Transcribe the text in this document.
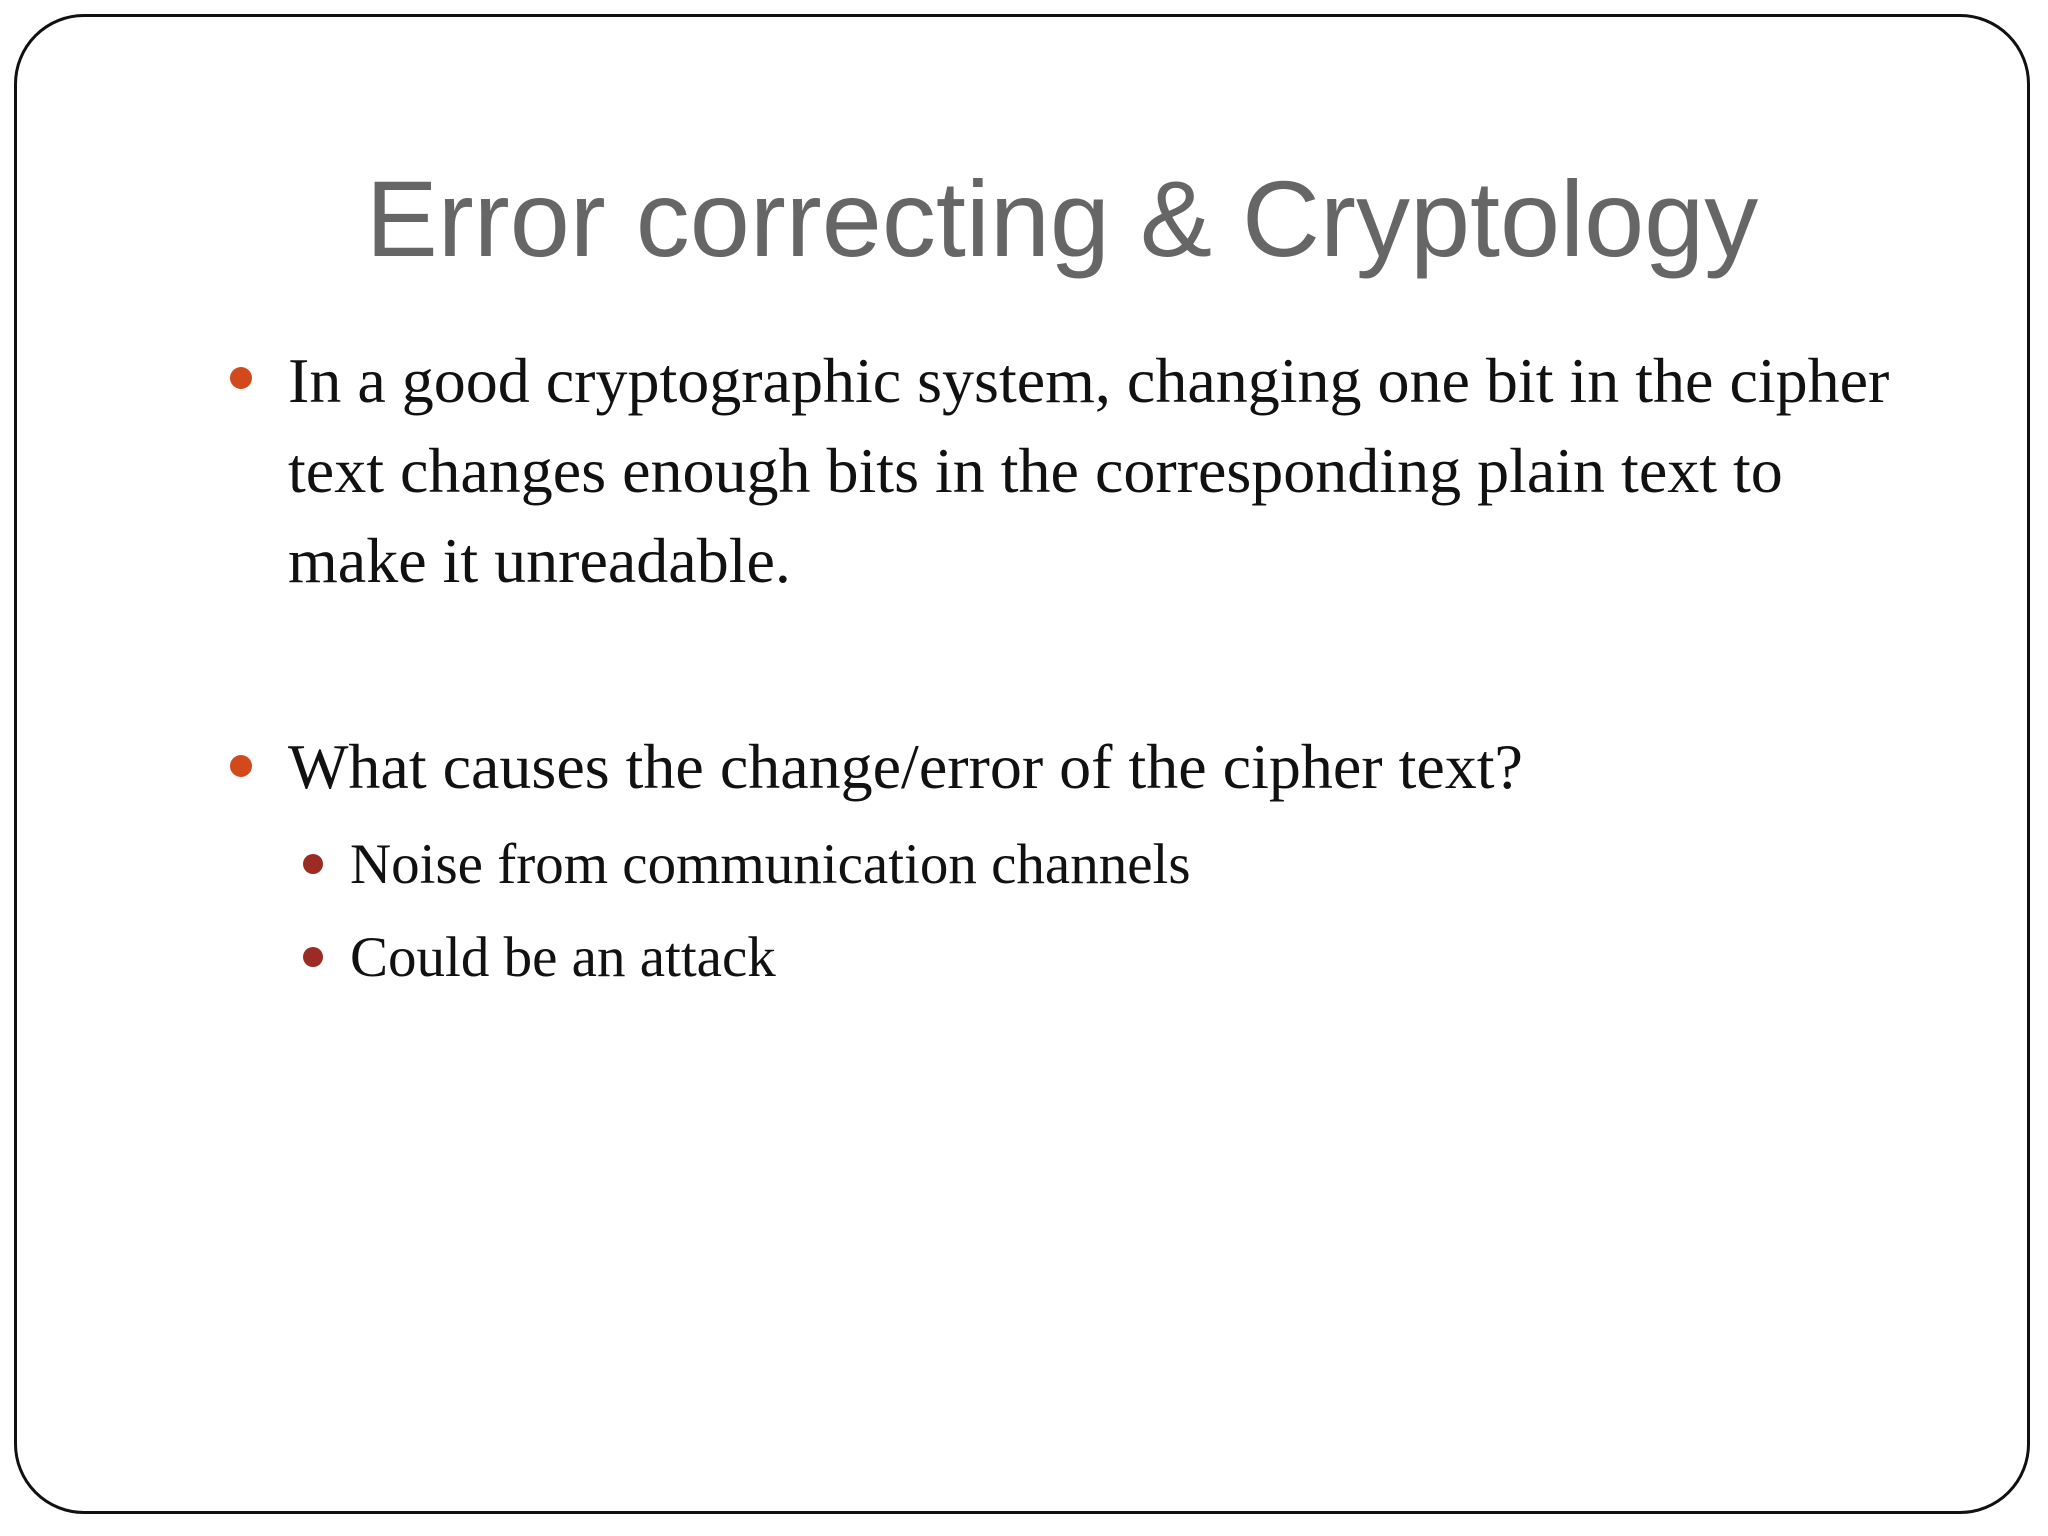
Error correcting & Cryptology
In a good cryptographic system, changing one bit in the cipher text changes enough bits in the corresponding plain text to make it unreadable.
What causes the change/error of the cipher text?
Noise from communication channels
Could be an attack
